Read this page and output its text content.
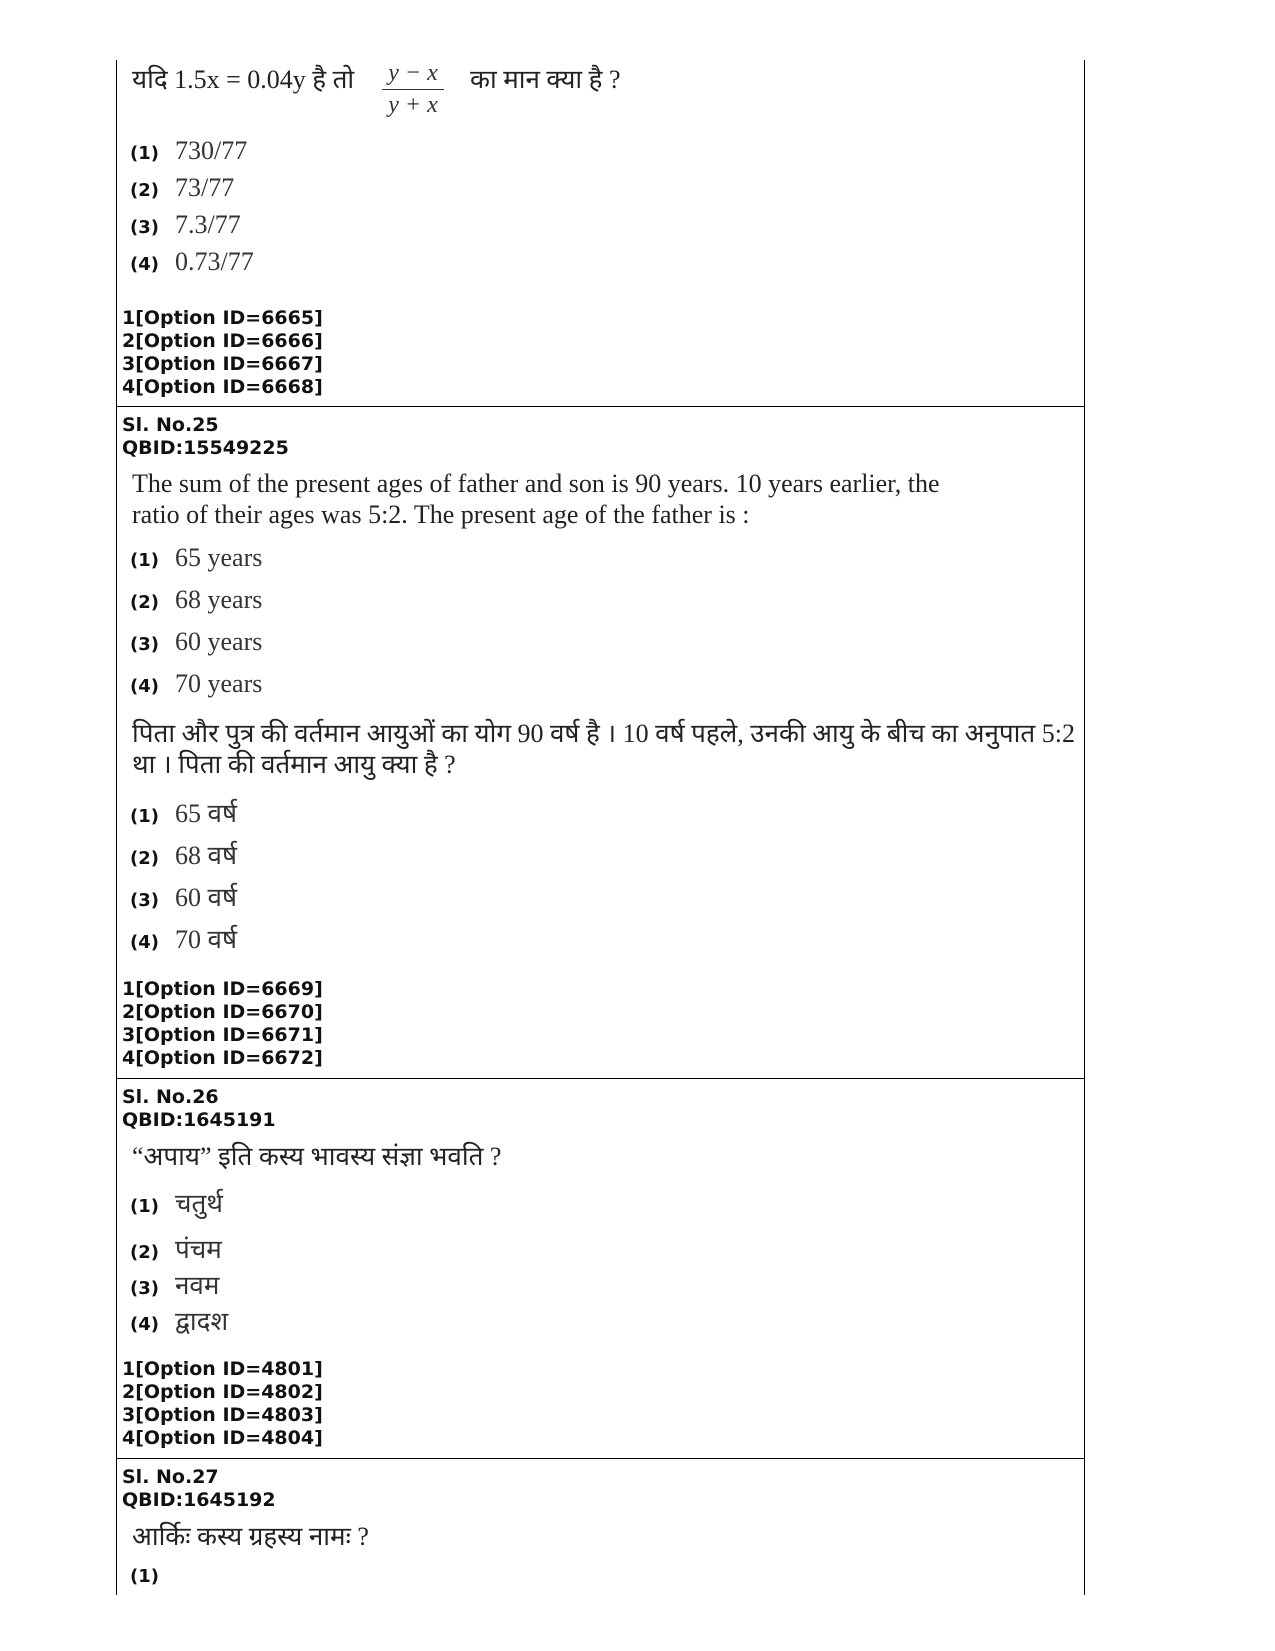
यदि 1.5x = 0.04y है तो y − x
y + x
का मान क्या है ?
(1) 730/77
(2) 73/77
(3) 7.3/77
(4) 0.73/77
1[Option ID=6665]
2[Option ID=6666]
3[Option ID=6667]
4[Option ID=6668]
Sl. No.25
QBID:15549225
The sum of the present ages of father and son is 90 years. 10 years earlier, the
ratio of their ages was 5:2. The present age of the father is :
(1) 65 years
(2) 68 years
(3) 60 years
(4) 70 years
पिता और पुत्र की वर्तमान आयुओं का योग 90 वर्ष है । 10 वर्ष पहले, उनकी आयु के बीच का अनुपात 5:2
था । पिता की वर्तमान आयु क्या है ?
(1) 65 वर्ष
(2) 68 वर्ष
(3) 60 वर्ष
(4) 70 वर्ष
1[Option ID=6669]
2[Option ID=6670]
3[Option ID=6671]
4[Option ID=6672]
Sl. No.26
QBID:1645191
“अपाय” इति कस्य भावस्य संज्ञा भवति ?
(1) चतुर्थ
(2) पंचम
(3) नवम
(4) द्वादश
1[Option ID=4801]
2[Option ID=4802]
3[Option ID=4803]
4[Option ID=4804]
Sl. No.27
QBID:1645192
आर्किः कस्य ग्रहस्य नामः ?
(1)
